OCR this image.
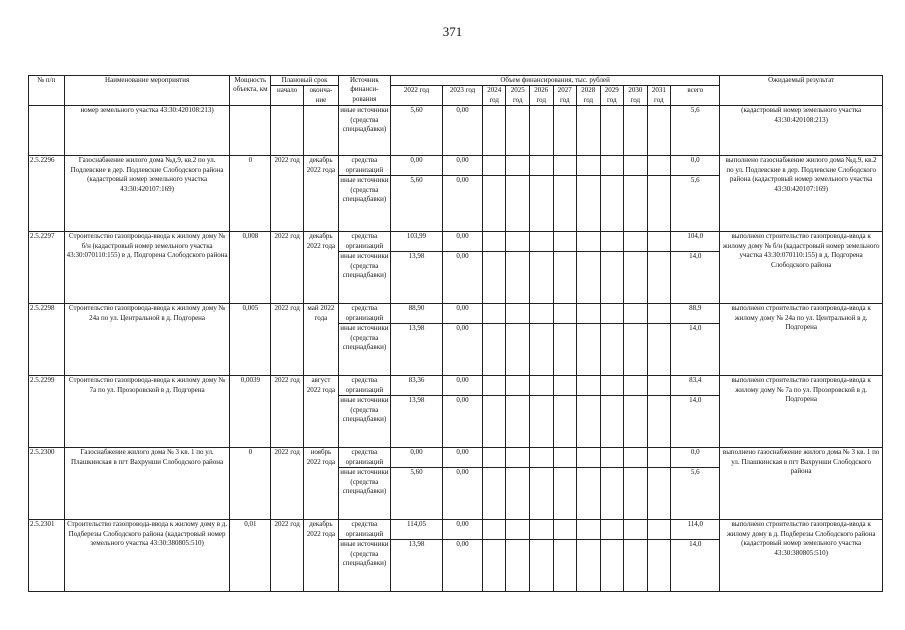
371
№ п/п	Наименование мероприятия	Мощность объекта, км	Плановый срок		Источник финанси-рования	Объем финансирования, тыс. рублей											Ожидаемый результат
			начало	оконча-ние		2022 год	2023 год	2024 год	2025 год	2026 год	2027 год	2028 год	2029 год	2030 год	2031 год	всего	
	номер земельного участка 43:30:420108:213)				иные источники (средства спецнадбавки)	5,60	0,00									5,6	(кадастровый номер земельного участка 43:30:420108:213)
2.5.2296	Газоснабжение жилого дома №д.9, кв.2 по ул. Подлевские в дер. Подлевские Слободского района (кадастровый номер земельного участка 43:30:420107:169)	0	2022 год	декабрь 2022 года	средства организаций	0,00	0,00									0,0	выполнено газоснабжение жилого дома №д.9, кв.2 по ул. Подлевские в дер. Подлевские Слободского района (кадастровый номер земельного участка 43:30:420107:169)
					иные источники (средства спецнадбавки)	5,60	0,00									5,6	
2.5.2297	Строительство газопровода-ввода к жилому дому № б/н (кадастровый номер земельного участка 43:30:070110:155) в д. Подгорена Слободского района	0,008	2022 год	декабрь 2022 года	средства организаций	103,99	0,00									104,0	выполнено строительство газопровода-ввода к жилому дому № б/н (кадастровый номер земельного участка 43:30:070110:155) в д. Подгорена Слободского района
					иные источники (средства спецнадбавки)	13,98	0,00									14,0	
2.5.2298	Строительство газопровода-ввода к жилому дому № 24а по ул. Центральной в д. Подгорена	0,005	2022 год	май 2022 года	средства организаций	88,90	0,00									88,9	выполнено строительство газопровода-ввода к жилому дому № 24а по ул. Центральной в д. Подгорена
					иные источники (средства спецнадбавки)	13,98	0,00									14,0	
2.5.2299	Строительство газопровода-ввода к жилому дому № 7а по ул. Прозоровской в д. Подгорена	0,0039	2022 год	август 2022 года	средства организаций	83,36	0,00									83,4	выполнено строительство газопровода-ввода к жилому дому № 7а по ул. Прозоровской в д. Подгорена
					иные источники (средства спецнадбавки)	13,98	0,00									14,0	
2.5.2300	Газоснабжение жилого дома № 3 кв. 1 по ул. Плашкинская в пгт Вахрунши Слободского района	0	2022 год	ноябрь 2022 года	средства организаций	0,00	0,00									0,0	выполнено газоснабжение жилого дома № 3 кв. 1 по ул. Плашкинская в пгт Вахрунши Слободского района
					иные источники (средства спецнадбавки)	5,60	0,00									5,6	
2.5.2301	Строительство газопровода-ввода к жилому дому в д. Подберезы Слободского района (кадастровый номер земельного участка 43:30:380805:510)	0,01	2022 год	декабрь 2022 года	средства организаций	114,05	0,00									114,0	выполнено строительство газопровода-ввода к жилому дому в д. Подберезы Слободского района (кадастровый номер земельного участка 43:30:380805:510)
					иные источники (средства спецнадбавки)	13,98	0,00									14,0	
